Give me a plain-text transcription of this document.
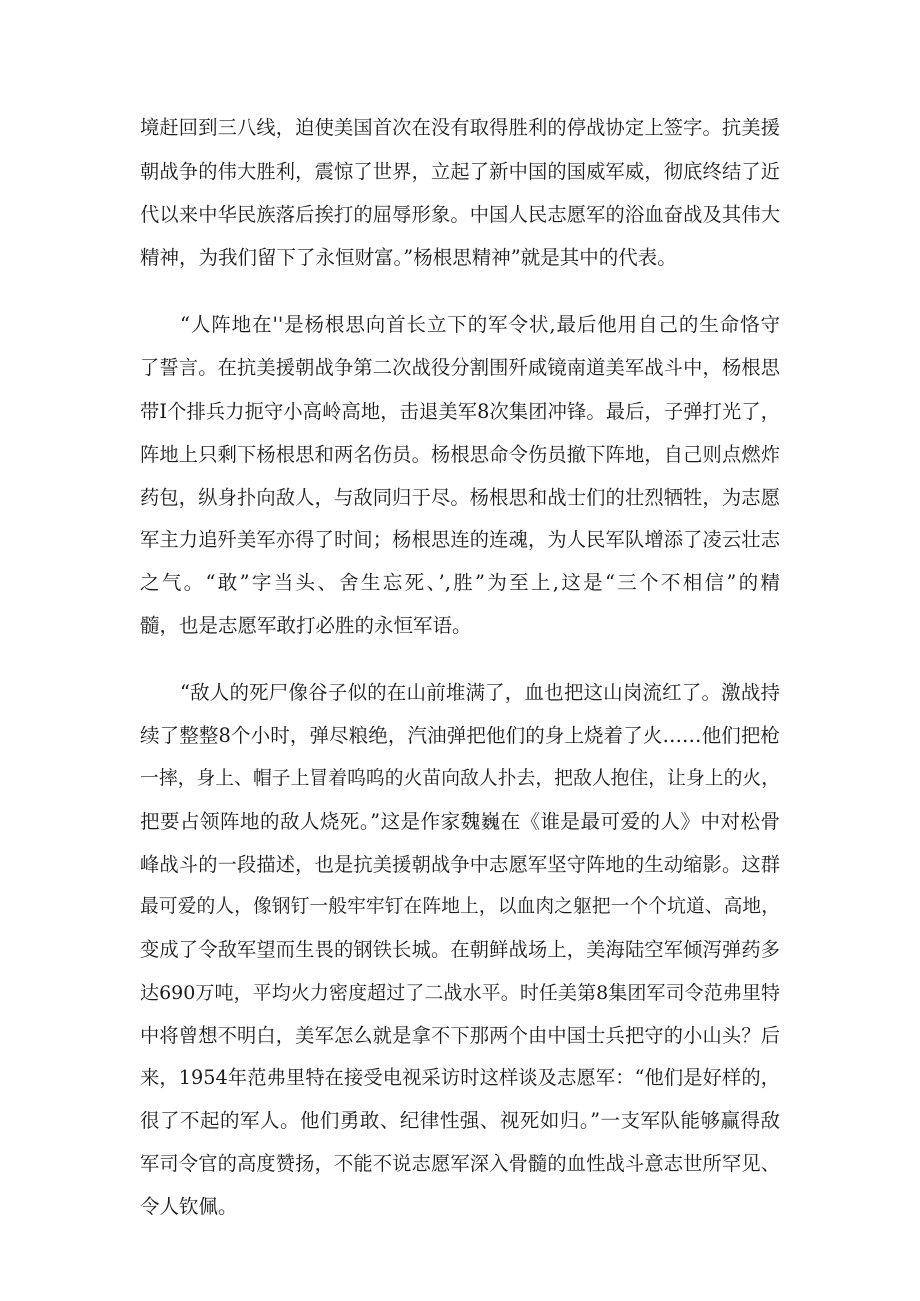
境赶回到三八线，迫使美国首次在没有取得胜利的停战协定上签字。抗美援

朝战争的伟大胜利，震惊了世界，立起了新中国的国威军威，彻底终结了近

代以来中华民族落后挨打的屈辱形象。中国人民志愿军的浴血奋战及其伟大

精神，为我们留下了永恒财富。”杨根思精神”就是其中的代表。

“人阵地在''是杨根思向首长立下的军令状,最后他用自己的生命恪守

了誓言。在抗美援朝战争第二次战役分割围歼咸镜南道美军战斗中，杨根思

带I个排兵力扼守小高岭高地，击退美军8次集团冲锋。最后，子弹打光了，

阵地上只剩下杨根思和两名伤员。杨根思命令伤员撤下阵地，自己则点燃炸

药包，纵身扑向敌人，与敌同归于尽。杨根思和战士们的壮烈牺牲，为志愿

军主力追歼美军亦得了时间；杨根思连的连魂，为人民军队增添了凌云壮志

之气。“敢”字当头、舍生忘死、’,胜”为至上,这是“三个不相信”的精

髓，也是志愿军敢打必胜的永恒军语。

“敌人的死尸像谷子似的在山前堆满了，血也把这山岗流红了。激战持

续了整整8个小时，弹尽粮绝，汽油弹把他们的身上烧着了火……他们把枪

一摔，身上、帽子上冒着呜呜的火苗向敌人扑去，把敌人抱住，让身上的火，

把要占领阵地的敌人烧死。”这是作家魏巍在《谁是最可爱的人》中对松骨

峰战斗的一段描述，也是抗美援朝战争中志愿军坚守阵地的生动缩影。这群

最可爱的人，像钢钉一般牢牢钉在阵地上，以血肉之躯把一个个坑道、高地，

变成了令敌军望而生畏的钢铁长城。在朝鲜战场上，美海陆空军倾泻弹药多

达690万吨，平均火力密度超过了二战水平。时任美第8集团军司令范弗里特

中将曾想不明白，美军怎么就是拿不下那两个由中国士兵把守的小山头？后

来，1954年范弗里特在接受电视采访时这样谈及志愿军：“他们是好样的，

很了不起的军人。他们勇敢、纪律性强、视死如归。”一支军队能够赢得敌

军司令官的高度赞扬，不能不说志愿军深入骨髓的血性战斗意志世所罕见、

令人钦佩。
